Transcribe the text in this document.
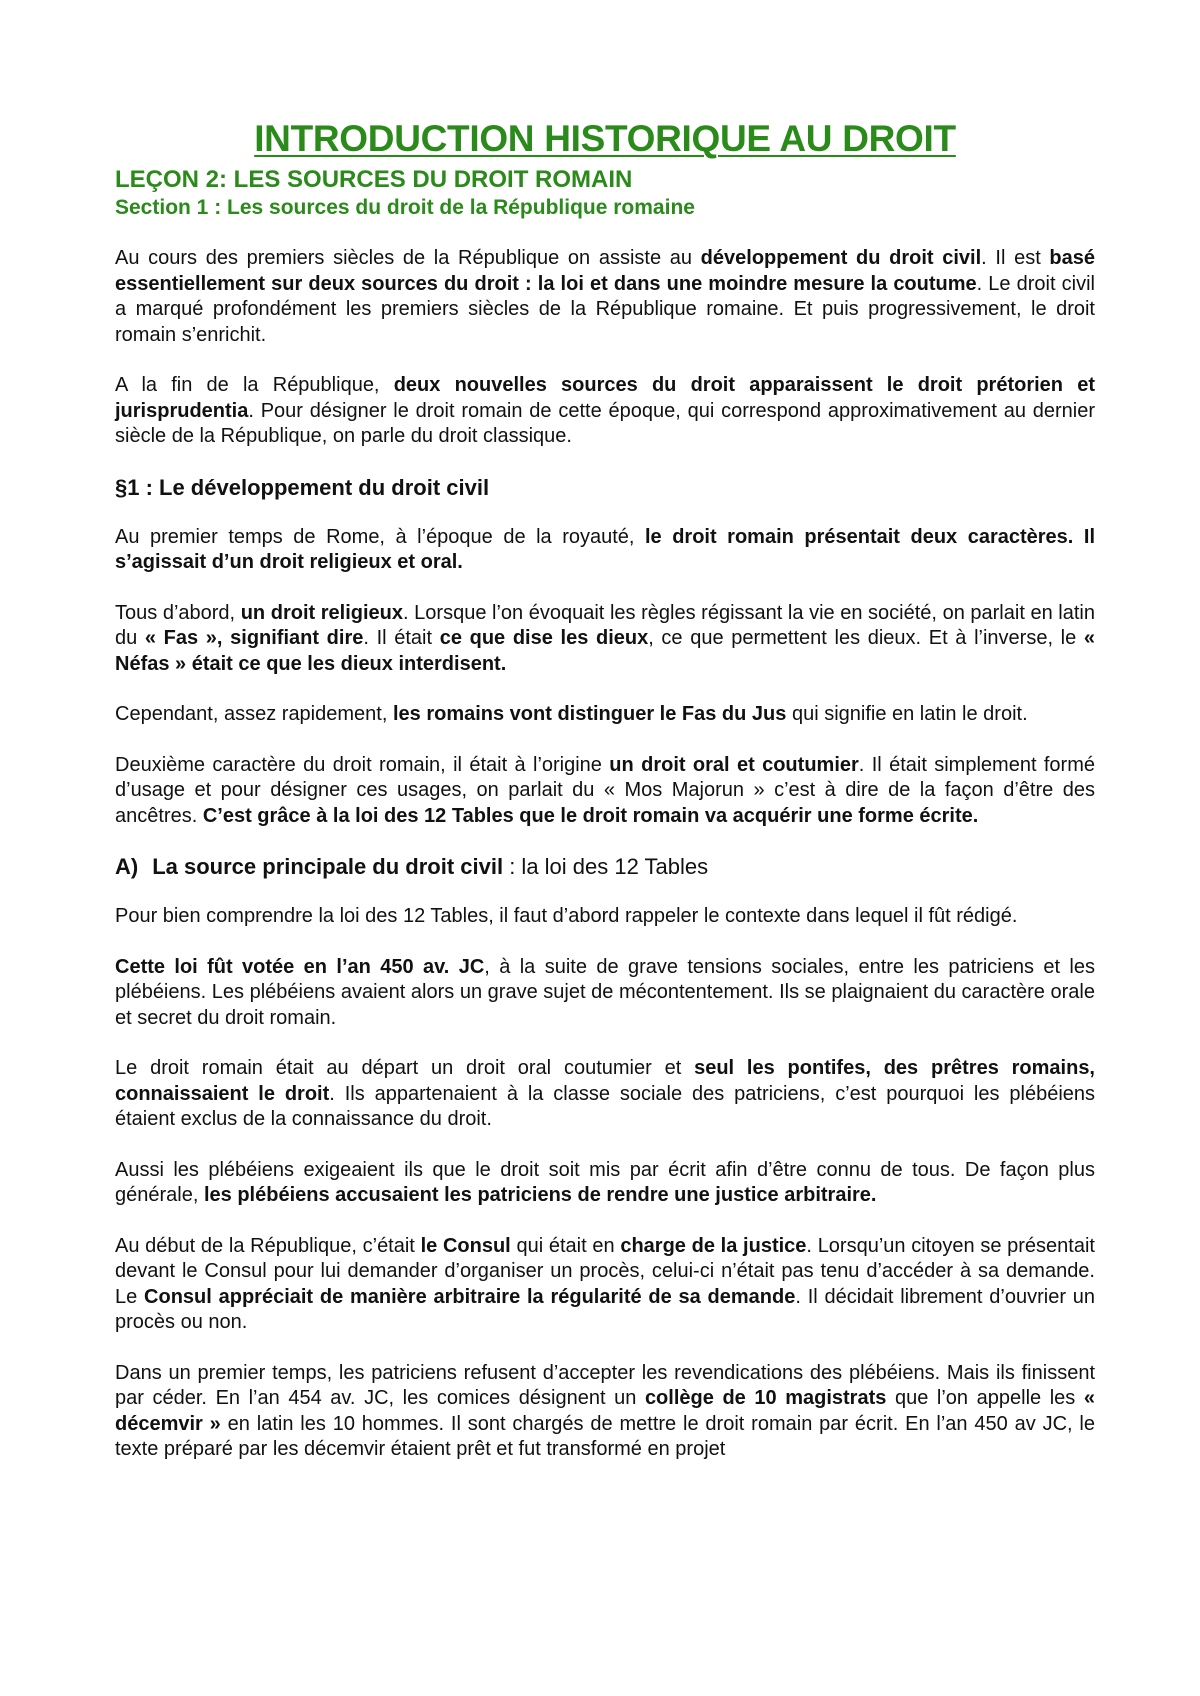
INTRODUCTION HISTORIQUE AU DROIT
LEÇON 2: LES SOURCES DU DROIT ROMAIN
Section 1 : Les sources du droit de la République romaine

Au cours des premiers siècles de la République on assiste au développement du droit civil. Il est basé essentiellement sur deux sources du droit : la loi et dans une moindre mesure la coutume. Le droit civil a marqué profondément les premiers siècles de la République romaine. Et puis progressivement, le droit romain s’enrichit.

A la fin de la République, deux nouvelles sources du droit apparaissent le droit prétorien et jurisprudentia. Pour désigner le droit romain de cette époque, qui correspond approximativement au dernier siècle de la République, on parle du droit classique.

§1 : Le développement du droit civil

Au premier temps de Rome, à l’époque de la royauté, le droit romain présentait deux caractères. Il s’agissait d’un droit religieux et oral.

Tous d’abord, un droit religieux. Lorsque l’on évoquait les règles régissant la vie en société, on parlait en latin du « Fas », signifiant dire. Il était ce que dise les dieux, ce que permettent les dieux. Et à l’inverse, le « Néfas » était ce que les dieux interdisent.

Cependant, assez rapidement, les romains vont distinguer le Fas du Jus qui signifie en latin le droit.

Deuxième caractère du droit romain, il était à l’origine un droit oral et coutumier. Il était simplement formé d’usage et pour désigner ces usages, on parlait du « Mos Majorun » c’est à dire de la façon d’être des ancêtres. C’est grâce à la loi des 12 Tables que le droit romain va acquérir une forme écrite.

A) La source principale du droit civil : la loi des 12 Tables

Pour bien comprendre la loi des 12 Tables, il faut d’abord rappeler le contexte dans lequel il fût rédigé.

Cette loi fût votée en l’an 450 av. JC, à la suite de grave tensions sociales, entre les patriciens et les plébéiens. Les plébéiens avaient alors un grave sujet de mécontentement. Ils se plaignaient du caractère orale et secret du droit romain.

Le droit romain était au départ un droit oral coutumier et seul les pontifes, des prêtres romains, connaissaient le droit. Ils appartenaient à la classe sociale des patriciens, c’est pourquoi les plébéiens étaient exclus de la connaissance du droit.

Aussi les plébéiens exigeaient ils que le droit soit mis par écrit afin d’être connu de tous. De façon plus générale, les plébéiens accusaient les patriciens de rendre une justice arbitraire.

Au début de la République, c’était le Consul qui était en charge de la justice. Lorsqu’un citoyen se présentait devant le Consul pour lui demander d’organiser un procès, celui-ci n’était pas tenu d’accéder à sa demande. Le Consul appréciait de manière arbitraire la régularité de sa demande. Il décidait librement d’ouvrier un procès ou non.

Dans un premier temps, les patriciens refusent d’accepter les revendications des plébéiens. Mais ils finissent par céder. En l’an 454 av. JC, les comices désignent un collège de 10 magistrats que l’on appelle les « décemvir » en latin les 10 hommes. Il sont chargés de mettre le droit romain par écrit. En l’an 450 av JC, le texte préparé par les décemvir étaient prêt et fut transformé en projet
